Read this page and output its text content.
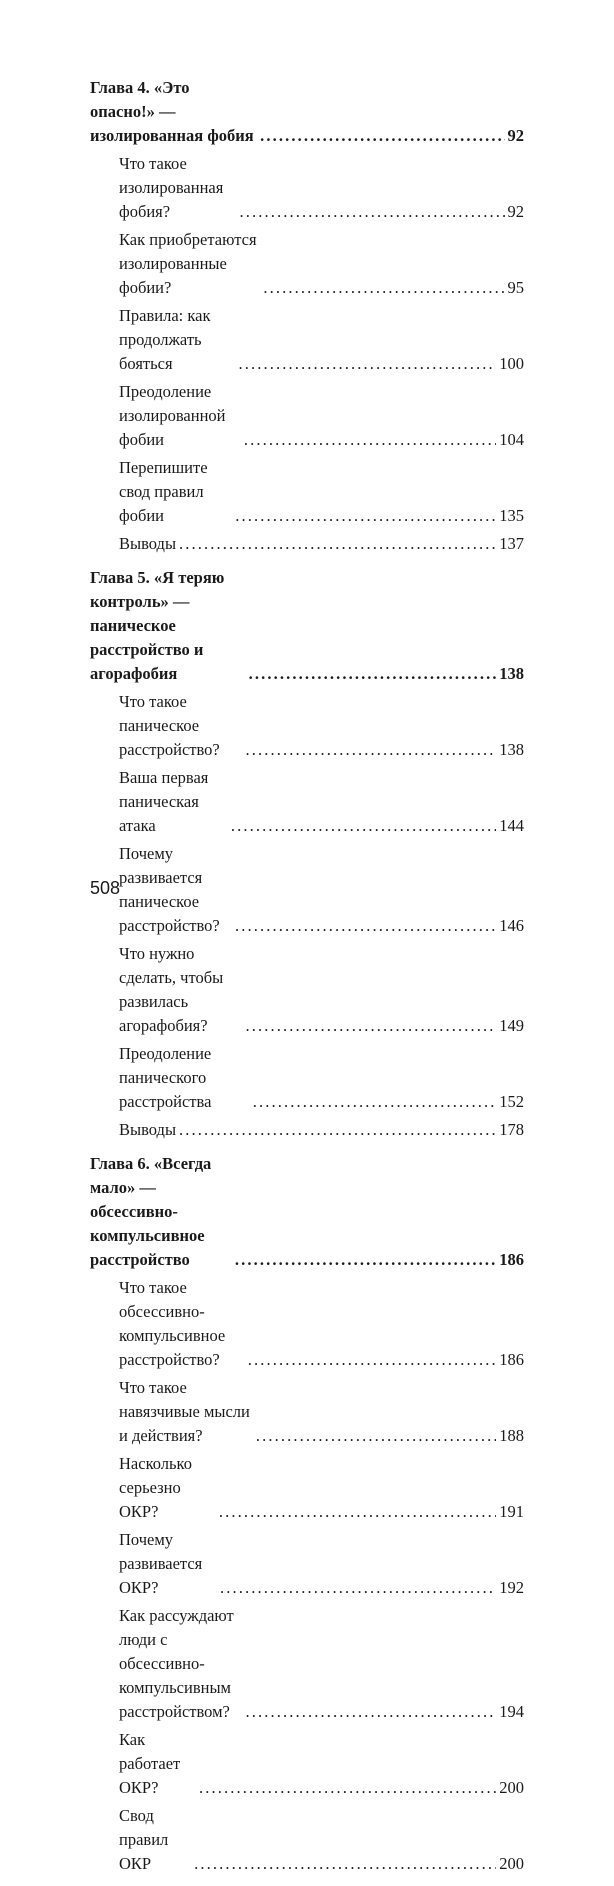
Глава 4. «Это опасно!» — изолированная фобия . . .	92
Что такое изолированная фобия? . . .	92
Как приобретаются изолированные фобии? . . .	95
Правила: как продолжать бояться . . .	100
Преодоление изолированной фобии . . .	104
Перепишите свод правил фобии . . .	135
Выводы . . .	137
Глава 5. «Я теряю контроль» — паническое
расстройство и агорафобия . . .	138
Что такое паническое расстройство? . . .	138
Ваша первая паническая атака . . .	144
Почему развивается паническое
расстройство? . . .	146
Что нужно сделать, чтобы развилась
агорафобия? . . .	149
Преодоление панического расстройства . . .	152
Выводы . . .	178
Глава 6. «Всегда мало» — обсессивно-
компульсивное расстройство . . .	186
Что такое обсессивно-компульсивное
расстройство? . . .	186
Что такое навязчивые мысли и действия? . . .	188
Насколько серьезно ОКР? . . .	191
Почему развивается ОКР? . . .	192
Как рассуждают люди с обсессивно-
компульсивным расстройством? . . .	194
Как работает ОКР? . . .	200
Свод правил ОКР . . .	200
508
